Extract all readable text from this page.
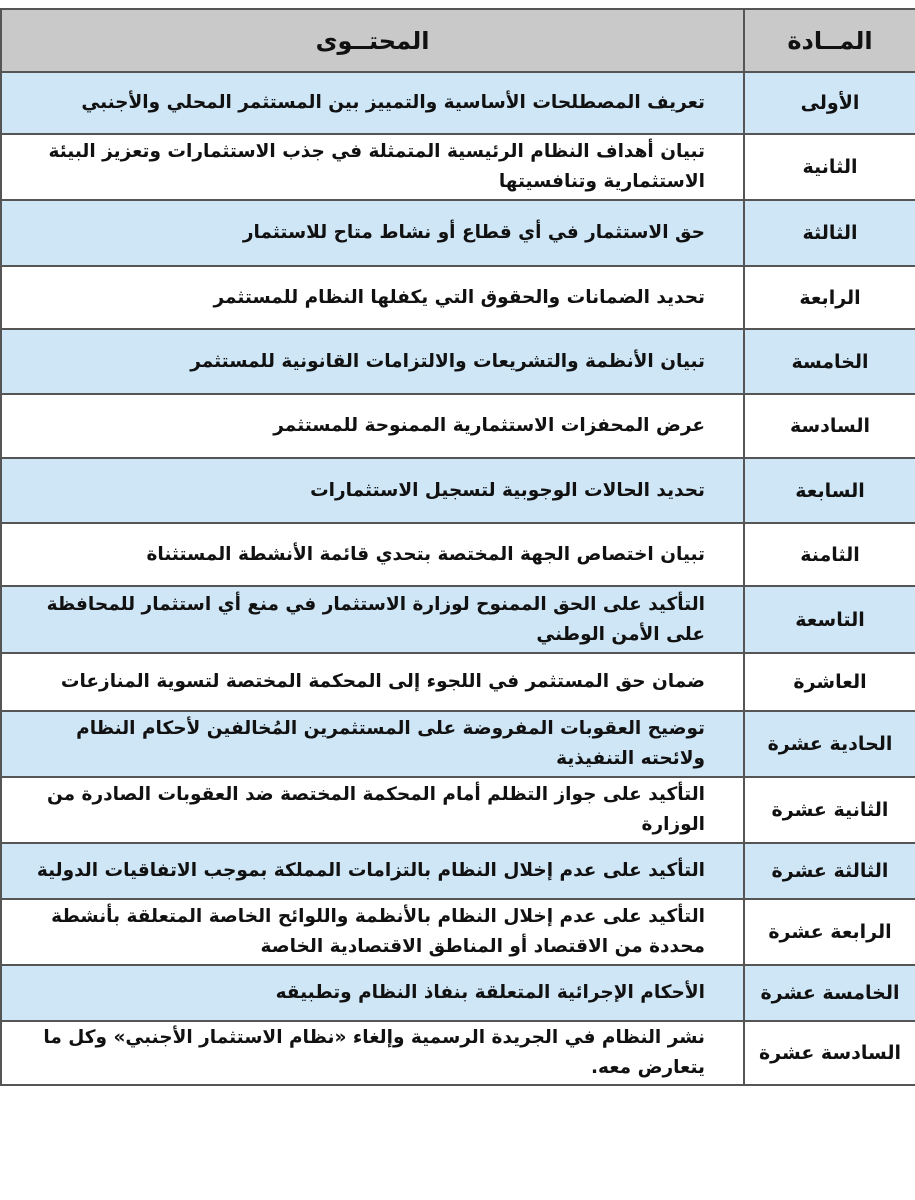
المــادة	المحتــوى
الأولى	تعريف المصطلحات الأساسية والتمييز بين المستثمر المحلي والأجنبي
الثانية	تبيان أهداف النظام الرئيسية المتمثلة في جذب الاستثمارات وتعزيز البيئة الاستثمارية وتنافسيتها
الثالثة	حق الاستثمار في أي قطاع أو نشاط متاح للاستثمار
الرابعة	تحديد الضمانات والحقوق التي يكفلها النظام للمستثمر
الخامسة	تبيان الأنظمة والتشريعات والالتزامات القانونية للمستثمر
السادسة	عرض المحفزات الاستثمارية الممنوحة للمستثمر
السابعة	تحديد الحالات الوجوبية لتسجيل الاستثمارات
الثامنة	تبيان اختصاص الجهة المختصة بتحدي قائمة الأنشطة المستثناة
التاسعة	التأكيد على الحق الممنوح لوزارة الاستثمار في منع أي استثمار للمحافظة على الأمن الوطني
العاشرة	ضمان حق المستثمر في اللجوء إلى المحكمة المختصة لتسوية المنازعات
الحادية عشرة	توضيح العقوبات المفروضة على المستثمرين المُخالفين لأحكام النظام ولائحته التنفيذية
الثانية عشرة	التأكيد على جواز التظلم أمام المحكمة المختصة ضد العقوبات الصادرة من الوزارة
الثالثة عشرة	التأكيد على عدم إخلال النظام بالتزامات المملكة بموجب الاتفاقيات الدولية
الرابعة عشرة	التأكيد على عدم إخلال النظام بالأنظمة واللوائح الخاصة المتعلقة بأنشطة محددة من الاقتصاد أو المناطق الاقتصادية الخاصة
الخامسة عشرة	الأحكام الإجرائية المتعلقة بنفاذ النظام وتطبيقه
السادسة عشرة	نشر النظام في الجريدة الرسمية وإلغاء «نظام الاستثمار الأجنبي» وكل ما يتعارض معه.
